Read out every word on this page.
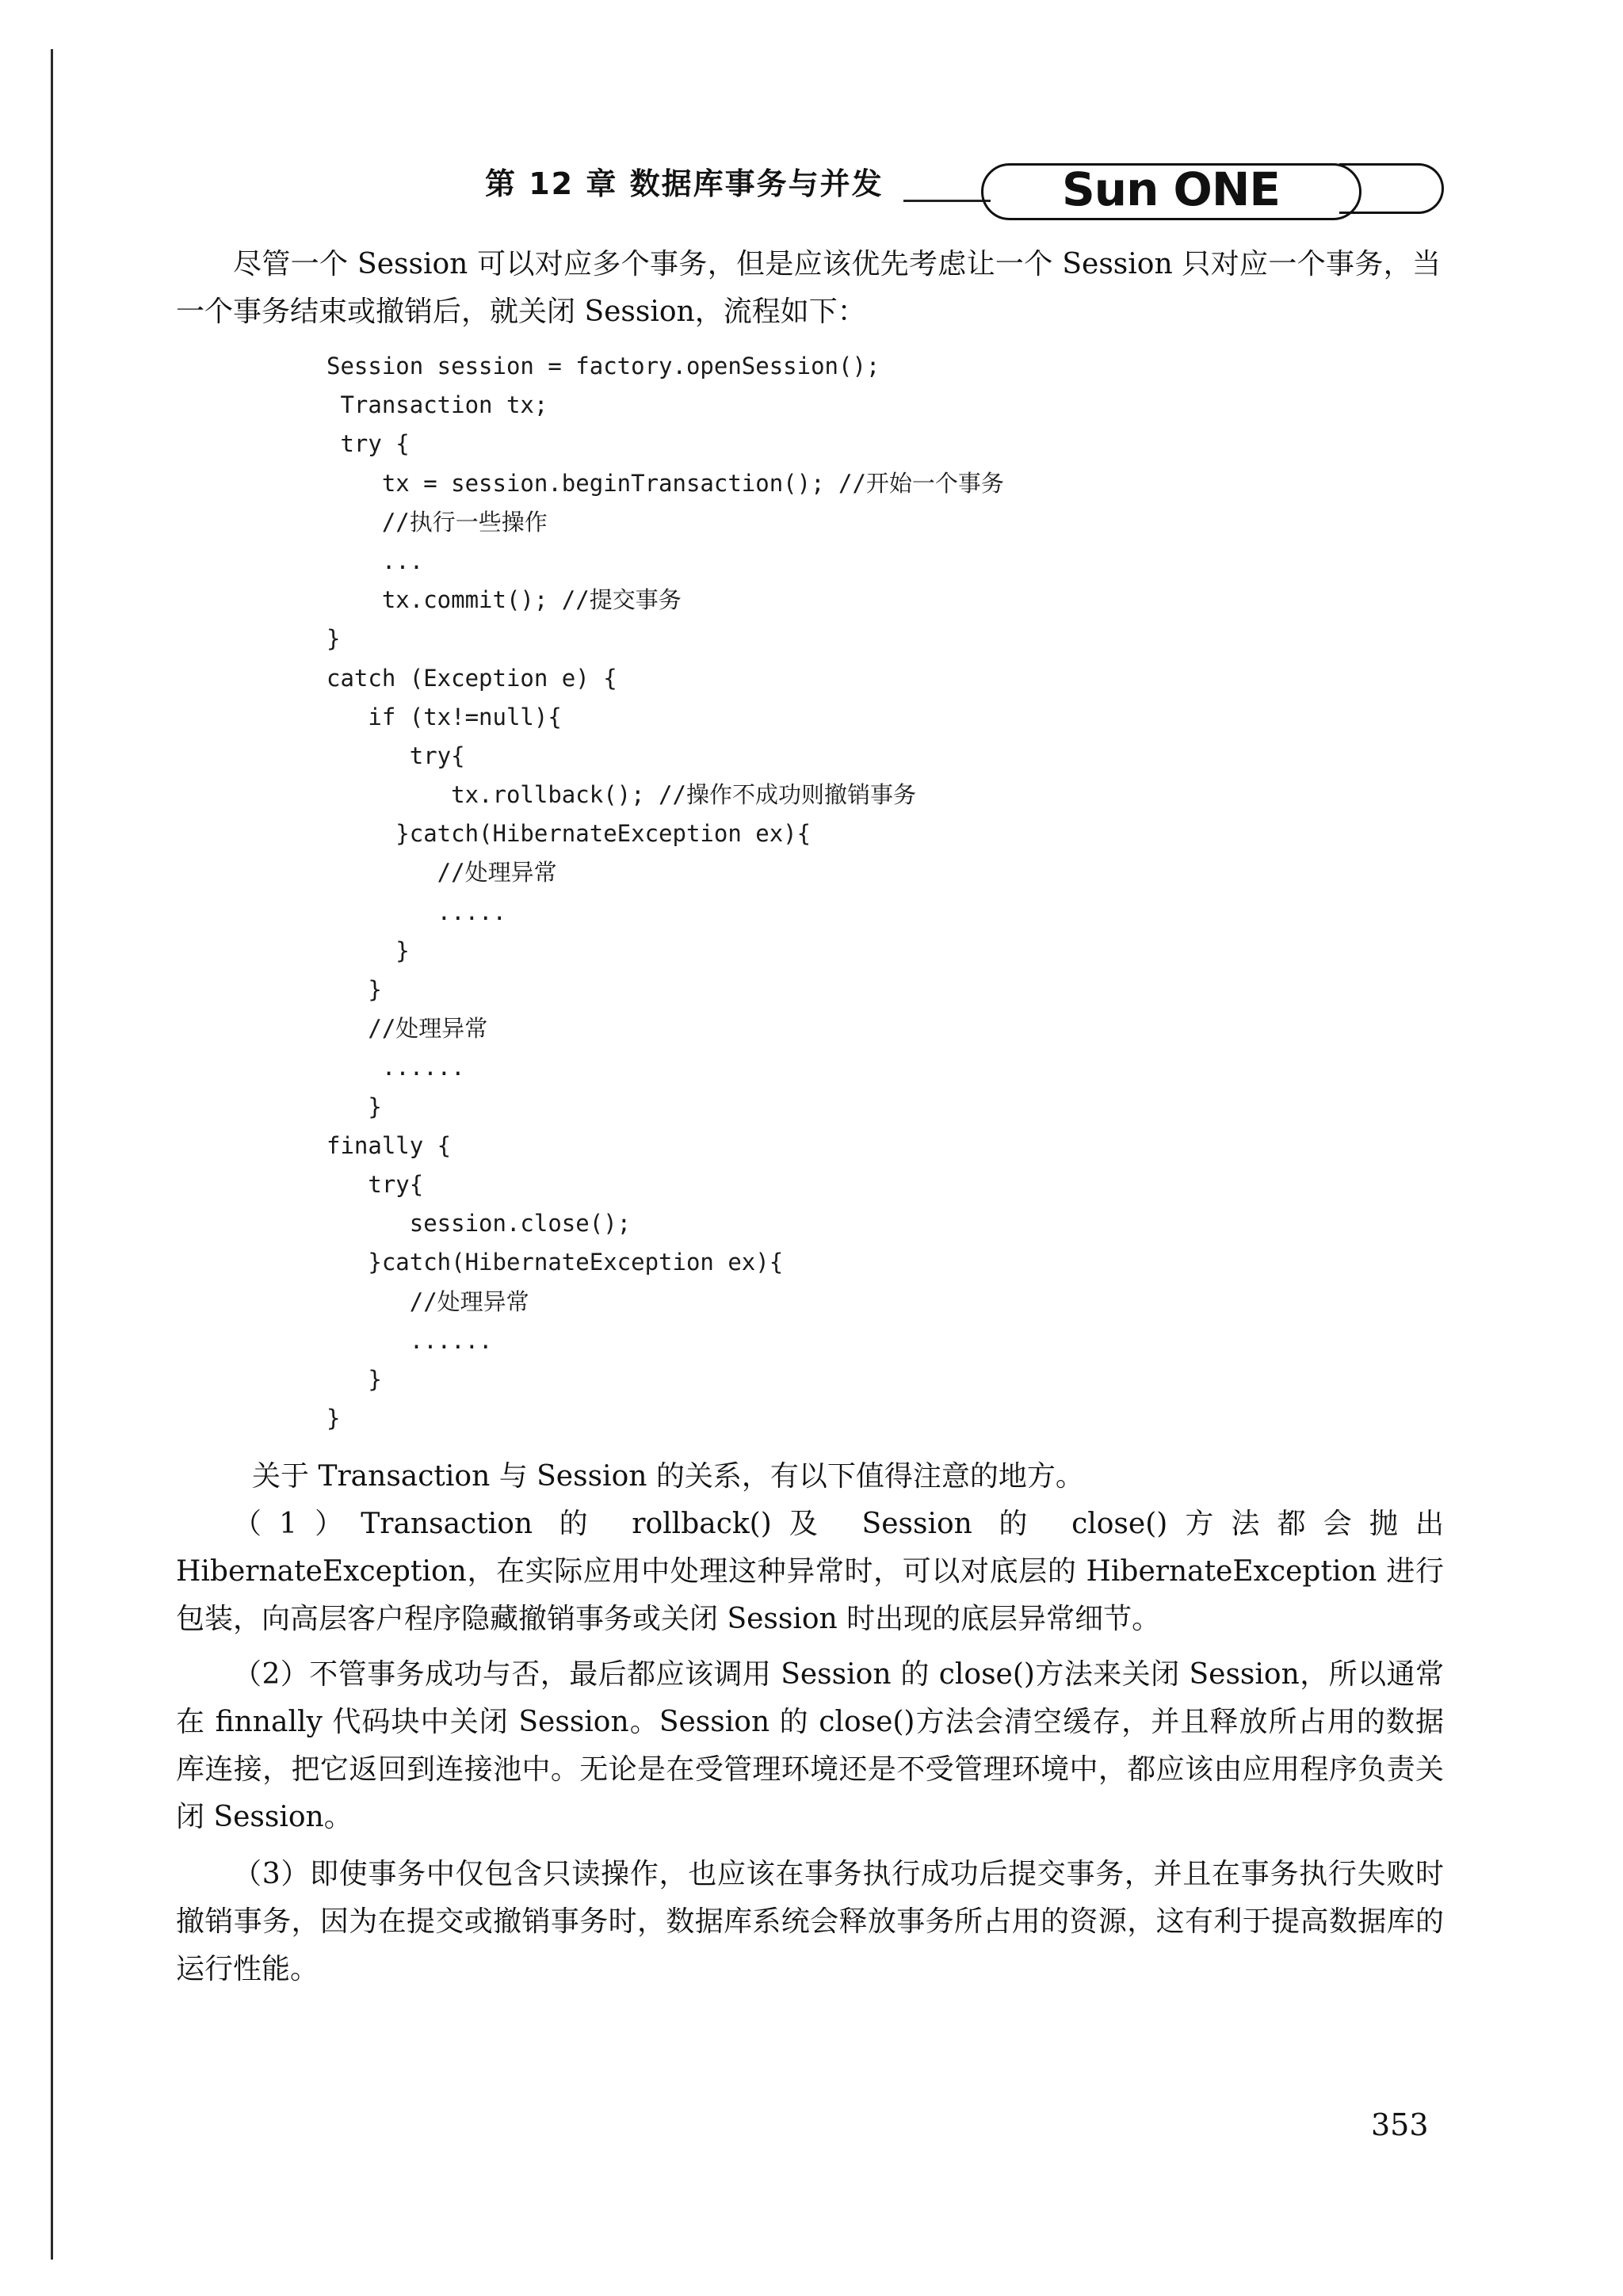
第 12 章 数据库事务与并发	Sun ONE

尽管一个 Session 可以对应多个事务，但是应该优先考虑让一个 Session 只对应一个事务，当一个事务结束或撤销后，就关闭 Session，流程如下：

Session session = factory.openSession();
Transaction tx;
try {
tx = session.beginTransaction(); //开始一个事务
//执行一些操作
...
tx.commit(); //提交事务
}
catch (Exception e) {
if (tx!=null){
try{
tx.rollback(); //操作不成功则撤销事务
}catch(HibernateException ex){
//处理异常
.....
}
}
//处理异常
......
}
finally {
try{
session.close();
}catch(HibernateException ex){
//处理异常
......
}
}

关于 Transaction 与 Session 的关系，有以下值得注意的地方。

（1）Transaction 的 rollback()及 Session 的 close()方法都会抛出 HibernateException，在实际应用中处理这种异常时，可以对底层的 HibernateException 进行包装，向高层客户程序隐藏撤销事务或关闭 Session 时出现的底层异常细节。

（2）不管事务成功与否，最后都应该调用 Session 的 close()方法来关闭 Session，所以通常在 finnally 代码块中关闭 Session。Session 的 close()方法会清空缓存，并且释放所占用的数据库连接，把它返回到连接池中。无论是在受管理环境还是不受管理环境中，都应该由应用程序负责关闭 Session。

（3）即使事务中仅包含只读操作，也应该在事务执行成功后提交事务，并且在事务执行失败时撤销事务，因为在提交或撤销事务时，数据库系统会释放事务所占用的资源，这有利于提高数据库的运行性能。

353
